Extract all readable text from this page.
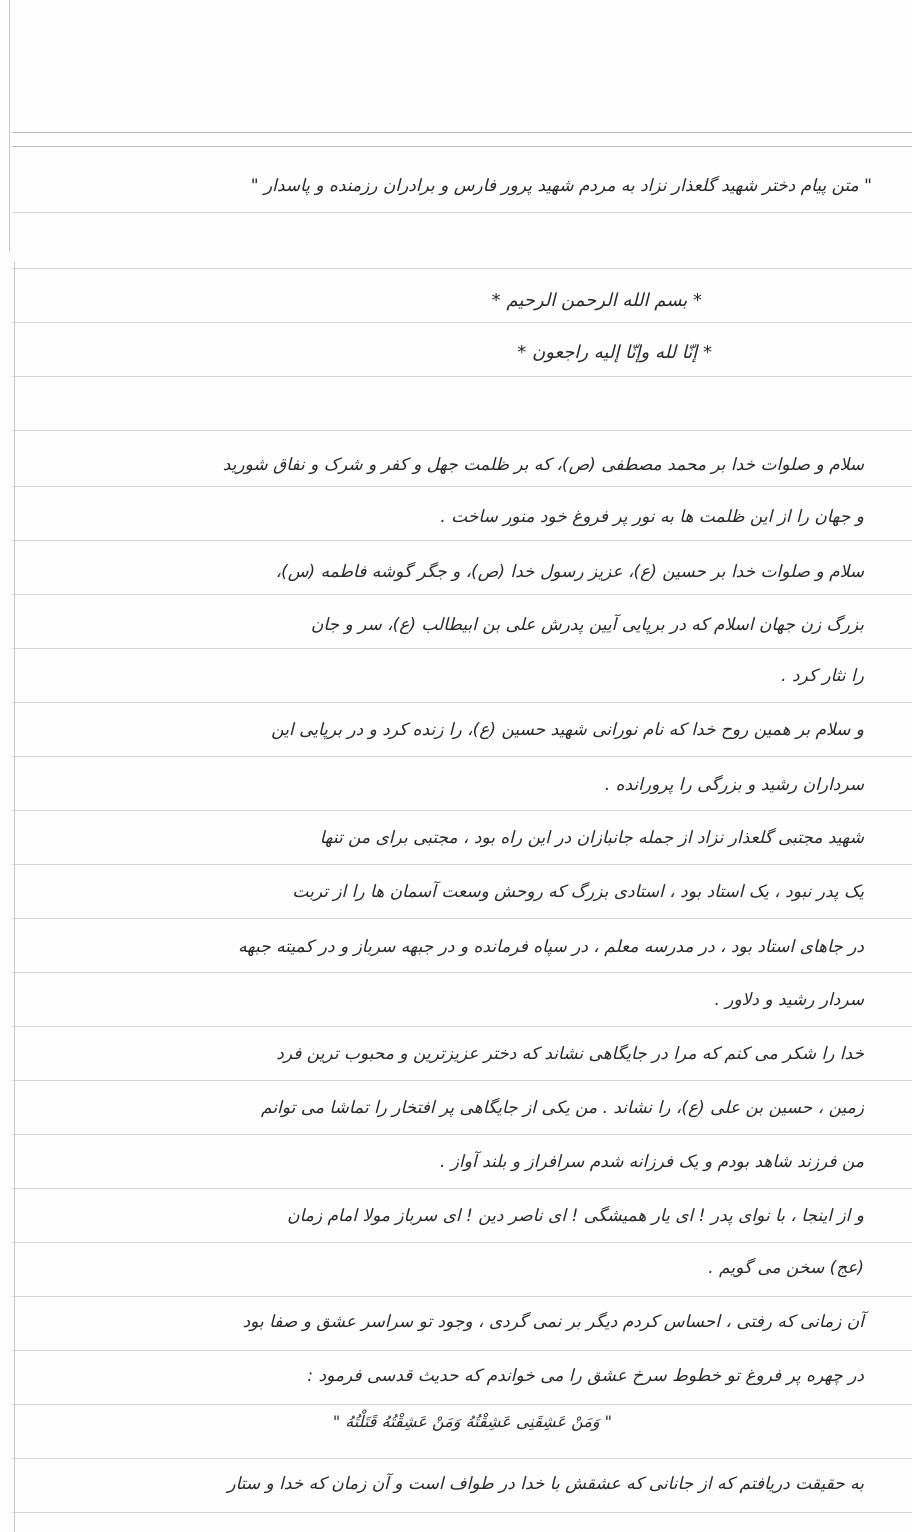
" متن پیام دختر شهید گلعذار نزاد به مردم شهید پرور فارس و برادران رزمنده و پاسدار "
* بسم الله الرحمن الرحیم *
* إنّا لله وإنّا إلیه راجعون *
سلام و صلوات خدا بر محمد مصطفی (ص)، که بر ظلمت جهل و کفر و شرک و نفاق شورید
و جهان را از این ظلمت ها به نور پر فروغ خود منور ساخت .
سلام و صلوات خدا بر حسین (ع)، عزیز رسول خدا (ص)، و جگر گوشه فاطمه (س)،
بزرگ زن جهان اسلام که در برپایی آیین پدرش علی بن ابیطالب (ع)، سر و جان
را نثار کرد .
و سلام بر همین روح خدا که نام نورانی شهید حسین (ع)، را زنده کرد و در برپایی این
سرداران رشید و بزرگی را پرورانده .
شهید مجتبی گلعذار نزاد از جمله جانبازان در این راه بود ، مجتبی برای من تنها
یک پدر نبود ، یک استاد بود ، استادی بزرگ که روحش وسعت آسمان ها را از تربت
در جاهای استاد بود ، در مدرسه معلم ، در سپاه فرمانده و در جبهه سرباز و در کمیته جبهه
سردار رشید و دلاور .
خدا را شکر می کنم که مرا در جایگاهی نشاند که دختر عزیزترین و محبوب ترین فرد
زمین ، حسین بن علی (ع)، را نشاند . من یکی از جایگاهی پر افتخار را تماشا می توانم
من فرزند شاهد بودم و یک فرزانه شدم سرافراز و بلند آواز .
و از اینجا ، با نوای پدر ! ای یار همیشگی ! ای ناصر دین ! ای سرباز مولا امام زمان
(عج) سخن می گویم .
آن زمانی که رفتی ، احساس کردم دیگر بر نمی گردی ، وجود تو سراسر عشق و صفا بود
در چهره پر فروغ تو خطوط سرخ عشق را می خواندم که حدیث قدسی فرمود :
" وَمَنْ عَشِقَنِی عَشِقْتُهُ وَمَنْ عَشِقْتُهُ قَتَلْتُهُ "
به حقیقت دریافتم که از جانانی که عشقش با خدا در طواف است و آن زمان که خدا و ستار
